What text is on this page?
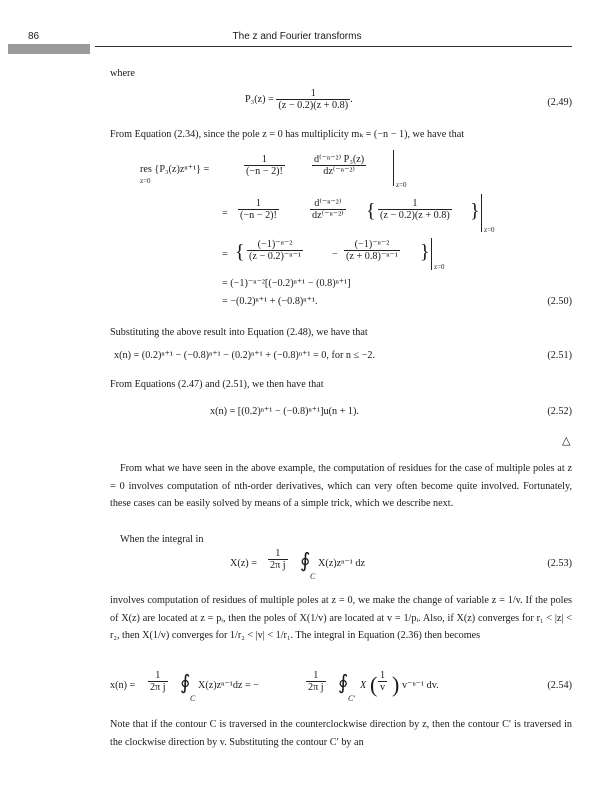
86	The z and Fourier transforms
where
$P_3(z) = \frac{1}{(z - 0.2)(z + 0.8)}$ .	(2.49)
From Equation (2.34), since the pole z = 0 has multiplicity mₖ = (−n − 1), we have that
res {P₃(z)zⁿ⁺¹} =
z=0
$\frac{1}{(-n - 2)!}$	$\frac{\text{d⁽⁻ⁿ⁻²⁾ P₃(z)}}{\text{dz⁽⁻ⁿ⁻²⁾}}$
z=0
= $\frac{1}{(-n - 2)!}$	$\frac{\text{d⁽⁻ⁿ⁻²⁾}}{\text{dz⁽⁻ⁿ⁻²⁾}}$ { $\frac{1}{(z - 0.2)(z + 0.8)}$ }
z=0
= { $\frac{\text{(−1)⁻ⁿ⁻²}}{\text{(z − 0.2)⁻ⁿ⁻¹}}$	− $\frac{\text{(−1)⁻ⁿ⁻²}}{\text{(z + 0.8)⁻ⁿ⁻¹}}$ }
z=0
= (−1)⁻ⁿ⁻²[(−0.2)ⁿ⁺¹ − (0.8)ⁿ⁺¹]
= −(0.2)ⁿ⁺¹ + (−0.8)ⁿ⁺¹.	(2.50)
Substituting the above result into Equation (2.48), we have that
x(n) = (0.2)ⁿ⁺¹ − (−0.8)ⁿ⁺¹ − (0.2)ⁿ⁺¹ + (−0.8)ⁿ⁺¹ = 0, for n ≤ −2.	(2.51)
From Equations (2.47) and (2.51), we then have that
x(n) = [(0.2)ⁿ⁺¹ − (−0.8)ⁿ⁺¹]u(n + 1).	(2.52)
△
From what we have seen in the above example, the computation of residues for the case of multiple poles at z = 0 involves computation of nth-order derivatives, which can very often become quite involved. Fortunately, these cases can be easily solved by means of a simple trick, which we describe next.
When the integral in
$X(z) = \frac{1}{\text{2π j}}$ ∮
C
X(z)zⁿ⁻¹ dz	(2.53)
involves computation of residues of multiple poles at z = 0, we make the change of variable z = 1/v. If the poles of X(z) are located at z = pᵢ, then the poles of X(1/v) are located at v = 1/pᵢ. Also, if X(z) converges for r₁ < |z| < r₂, then X(1/v) converges for 1/r₂ < |v| < 1/r₁. The integral in Equation (2.36) then becomes
$x(n) = \frac{1}{\text{2π j}}$ ∮
C
X(z)zⁿ⁻¹dz = −	$\frac{1}{\text{2π j}}$ ∮
C′
X ( $\frac{1}{v}$ ) v⁻ⁿ⁻¹ dv.	(2.54)
Note that if the contour C is traversed in the counterclockwise direction by z, then the contour C′ is traversed in the clockwise direction by v. Substituting the contour C′ by an
